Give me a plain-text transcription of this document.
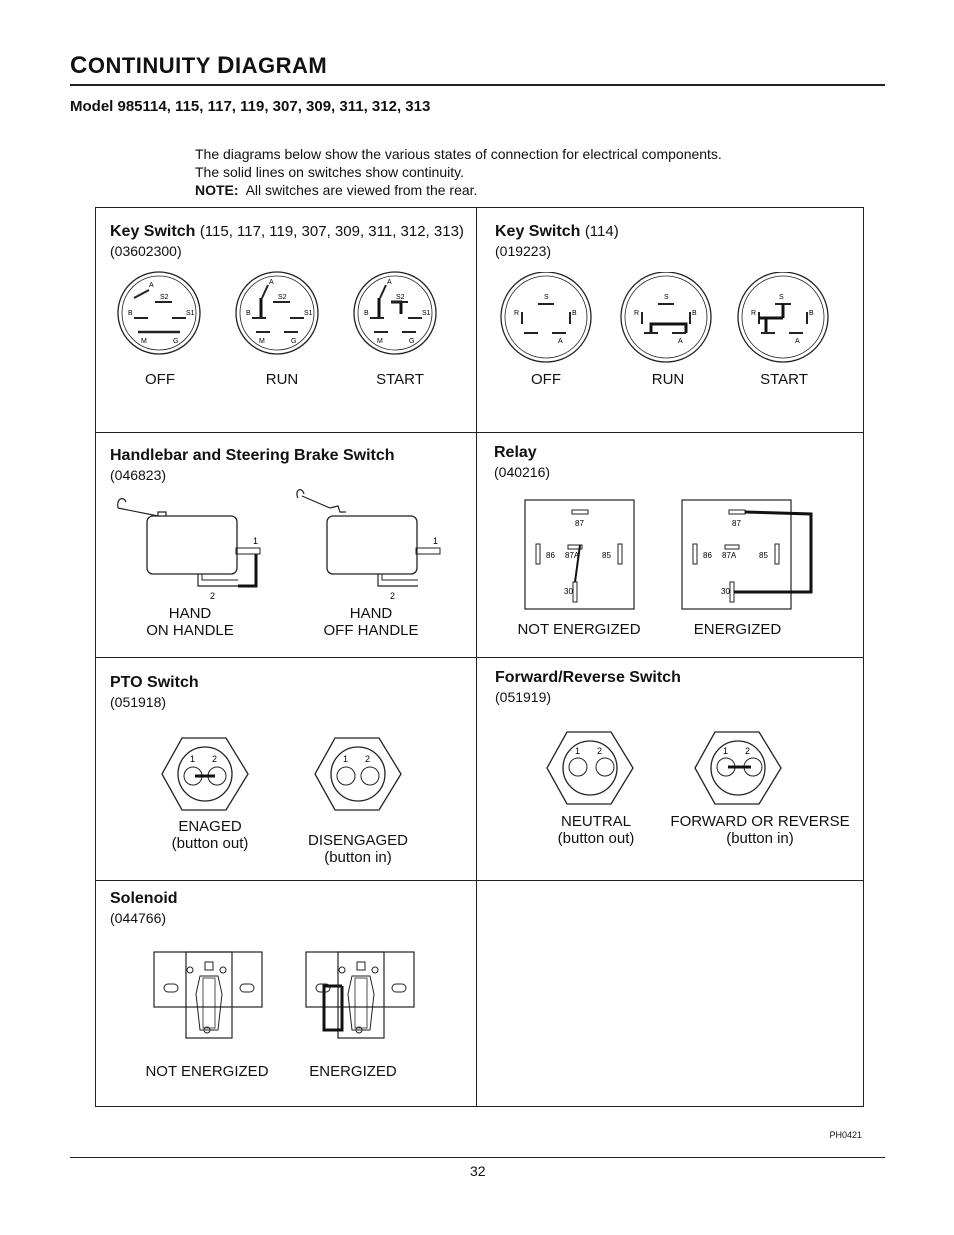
CONTINUITY DIAGRAM
Model 985114, 115, 117, 119, 307, 309, 311, 312, 313
The diagrams below show the various states of connection for electrical components.
The solid lines on switches show continuity.
NOTE: All switches are viewed from the rear.
Key Switch (115, 117, 119, 307, 309, 311, 312, 313)
(03602300)
A
S2
B	S1
M	G
A
S2
B	S1
M	G
A
S2
B	S1
M	G
OFF	RUN	START
Key Switch (114)
(019223)
S
R	B
A
S
R	B
A
S
R	B
A
OFF	RUN	START
Handlebar and Steering Brake Switch
(046823)
1
2
1
2
HAND
ON HANDLE
HAND
OFF HANDLE
Relay
(040216)
87
86 87A	85
30
87
86 87A	85
30
NOT ENERGIZED	ENERGIZED
PTO Switch
(051918)
1 2	1 2
ENAGED
(button out)	DISENGAGED
(button in)
Forward/Reverse Switch
(051919)
1 2	1 2
NEUTRAL
(button out)
FORWARD OR REVERSE
(button in)
Solenoid
(044766)
NOT ENERGIZED	ENERGIZED
PH0421
32
